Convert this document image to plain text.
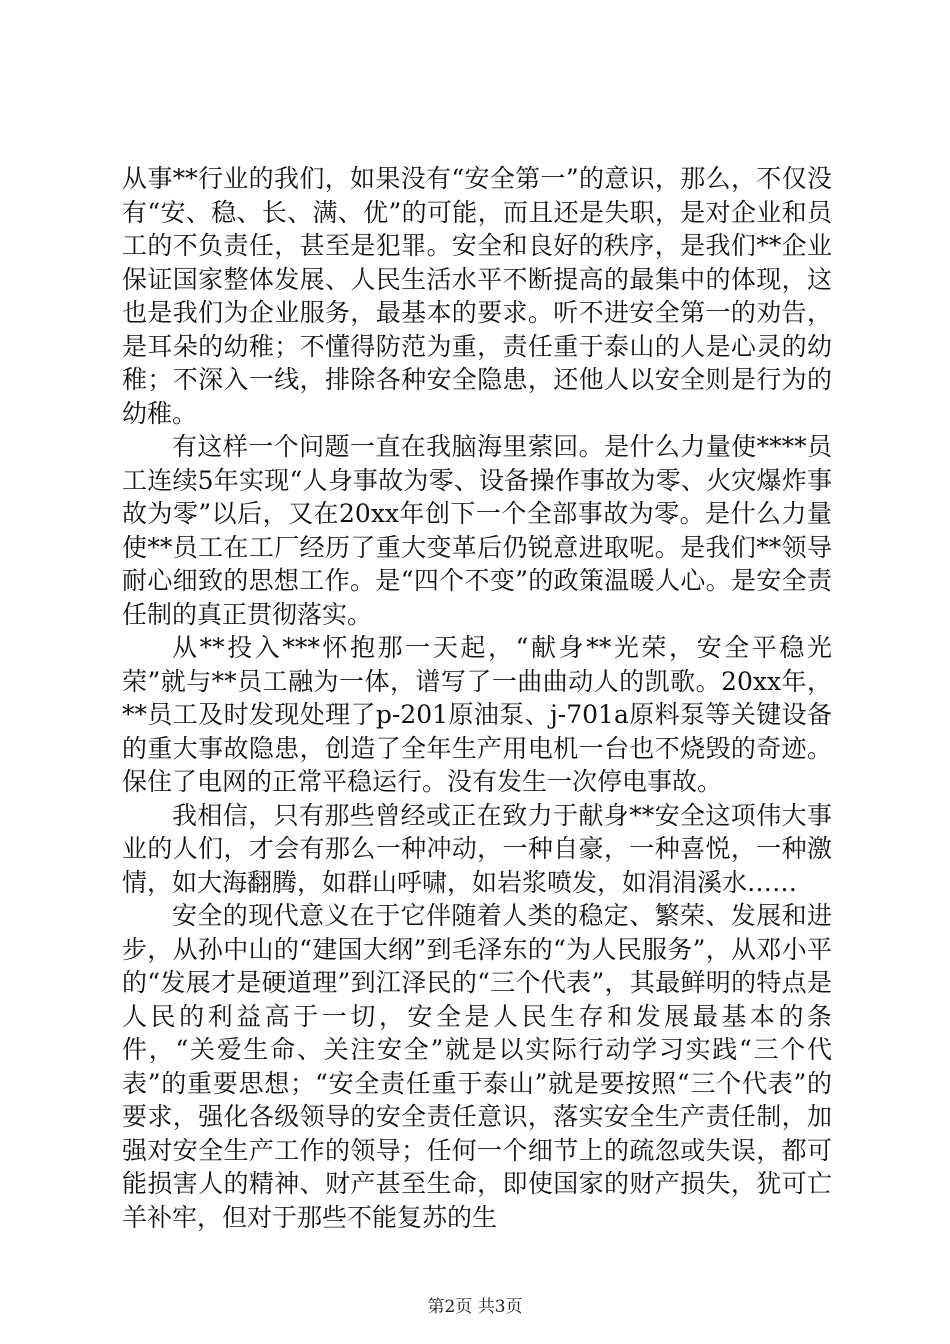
从事**行业的我们，如果没有“安全第一”的意识，那么，不仅没有“安、稳、长、满、优”的可能，而且还是失职，是对企业和员工的不负责任，甚至是犯罪。安全和良好的秩序，是我们**企业保证国家整体发展、人民生活水平不断提高的最集中的体现，这也是我们为企业服务，最基本的要求。听不进安全第一的劝告，是耳朵的幼稚；不懂得防范为重，责任重于泰山的人是心灵的幼稚；不深入一线，排除各种安全隐患，还他人以安全则是行为的幼稚。

有这样一个问题一直在我脑海里萦回。是什么力量使****员工连续5年实现“人身事故为零、设备操作事故为零、火灾爆炸事故为零”以后，又在20xx年创下一个全部事故为零。是什么力量使**员工在工厂经历了重大变革后仍锐意进取呢。是我们**领导耐心细致的思想工作。是“四个不变”的政策温暖人心。是安全责任制的真正贯彻落实。

从**投入***怀抱那一天起，“献身**光荣，安全平稳光荣”就与**员工融为一体，谱写了一曲曲动人的凯歌。20xx年，**员工及时发现处理了p-201原油泵、j-701a原料泵等关键设备的重大事故隐患，创造了全年生产用电机一台也不烧毁的奇迹。保住了电网的正常平稳运行。没有发生一次停电事故。

我相信，只有那些曾经或正在致力于献身**安全这项伟大事业的人们，才会有那么一种冲动，一种自豪，一种喜悦，一种激情，如大海翻腾，如群山呼啸，如岩浆喷发，如涓涓溪水……

安全的现代意义在于它伴随着人类的稳定、繁荣、发展和进步，从孙中山的“建国大纲”到毛泽东的“为人民服务”，从邓小平的“发展才是硬道理”到江泽民的“三个代表”，其最鲜明的特点是人民的利益高于一切，安全是人民生存和发展最基本的条件，“关爱生命、关注安全”就是以实际行动学习实践“三个代表”的重要思想；“安全责任重于泰山”就是要按照“三个代表”的要求，强化各级领导的安全责任意识，落实安全生产责任制，加强对安全生产工作的领导；任何一个细节上的疏忽或失误，都可能损害人的精神、财产甚至生命，即使国家的财产损失，犹可亡羊补牢，但对于那些不能复苏的生

第2页 共3页
